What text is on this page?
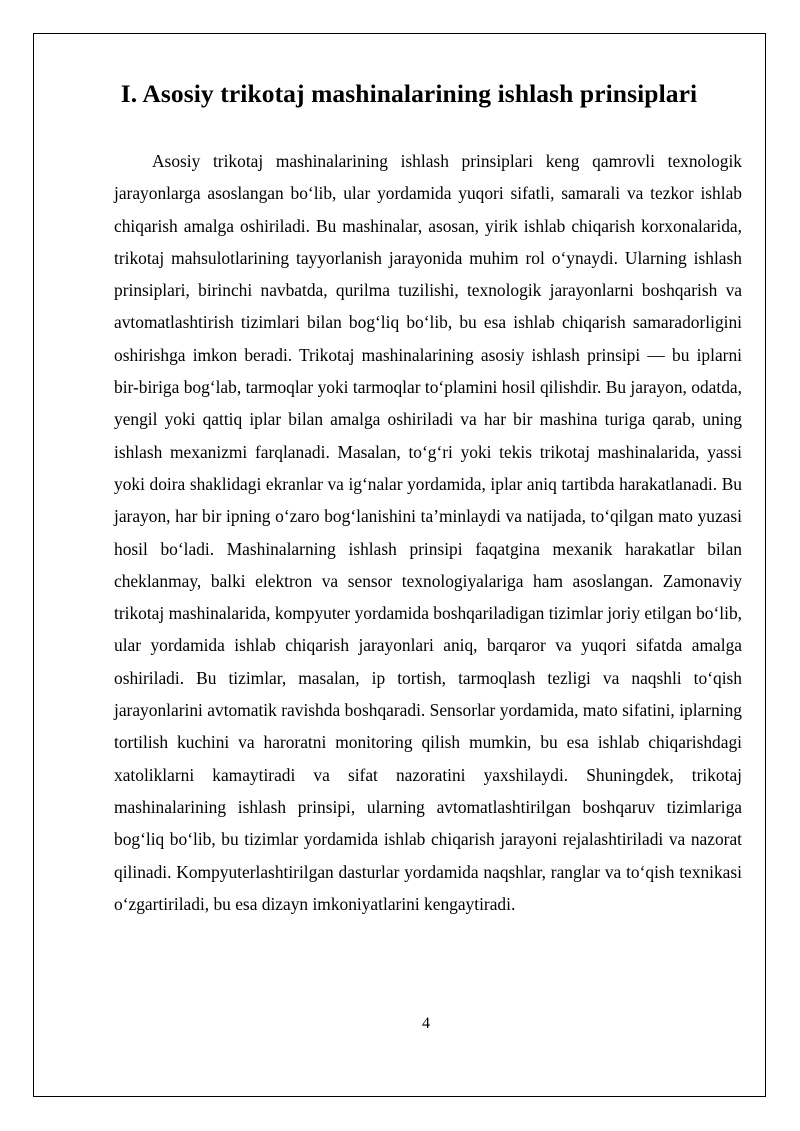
I. Asosiy trikotaj mashinalarining ishlash prinsiplari

Asosiy trikotaj mashinalarining ishlash prinsiplari keng qamrovli texnologik jarayonlarga asoslangan bo‘lib, ular yordamida yuqori sifatli, samarali va tezkor ishlab chiqarish amalga oshiriladi. Bu mashinalar, asosan, yirik ishlab chiqarish korxonalarida, trikotaj mahsulotlarining tayyorlanish jarayonida muhim rol o‘ynaydi. Ularning ishlash prinsiplari, birinchi navbatda, qurilma tuzilishi, texnologik jarayonlarni boshqarish va avtomatlashtirish tizimlari bilan bog‘liq bo‘lib, bu esa ishlab chiqarish samaradorligini oshirishga imkon beradi. Trikotaj mashinalarining asosiy ishlash prinsipi — bu iplarni bir-biriga bog‘lab, tarmoqlar yoki tarmoqlar to‘plamini hosil qilishdir. Bu jarayon, odatda, yengil yoki qattiq iplar bilan amalga oshiriladi va har bir mashina turiga qarab, uning ishlash mexanizmi farqlanadi. Masalan, to‘g‘ri yoki tekis trikotaj mashinalarida, yassi yoki doira shaklidagi ekranlar va ig‘nalar yordamida, iplar aniq tartibda harakatlanadi. Bu jarayon, har bir ipning o‘zaro bog‘lanishini ta’minlaydi va natijada, to‘qilgan mato yuzasi hosil bo‘ladi. Mashinalarning ishlash prinsipi faqatgina mexanik harakatlar bilan cheklanmay, balki elektron va sensor texnologiyalariga ham asoslangan. Zamonaviy trikotaj mashinalarida, kompyuter yordamida boshqariladigan tizimlar joriy etilgan bo‘lib, ular yordamida ishlab chiqarish jarayonlari aniq, barqaror va yuqori sifatda amalga oshiriladi. Bu tizimlar, masalan, ip tortish, tarmoqlash tezligi va naqshli to‘qish jarayonlarini avtomatik ravishda boshqaradi. Sensorlar yordamida, mato sifatini, iplarning tortilish kuchini va haroratni monitoring qilish mumkin, bu esa ishlab chiqarishdagi xatoliklarni kamaytiradi va sifat nazoratini yaxshilaydi. Shuningdek, trikotaj mashinalarining ishlash prinsipi, ularning avtomatlashtirilgan boshqaruv tizimlariga bog‘liq bo‘lib, bu tizimlar yordamida ishlab chiqarish jarayoni rejalashtiriladi va nazorat qilinadi. Kompyuterlashtirilgan dasturlar yordamida naqshlar, ranglar va to‘qish texnikasi o‘zgartiriladi, bu esa dizayn imkoniyatlarini kengaytiradi.

4
